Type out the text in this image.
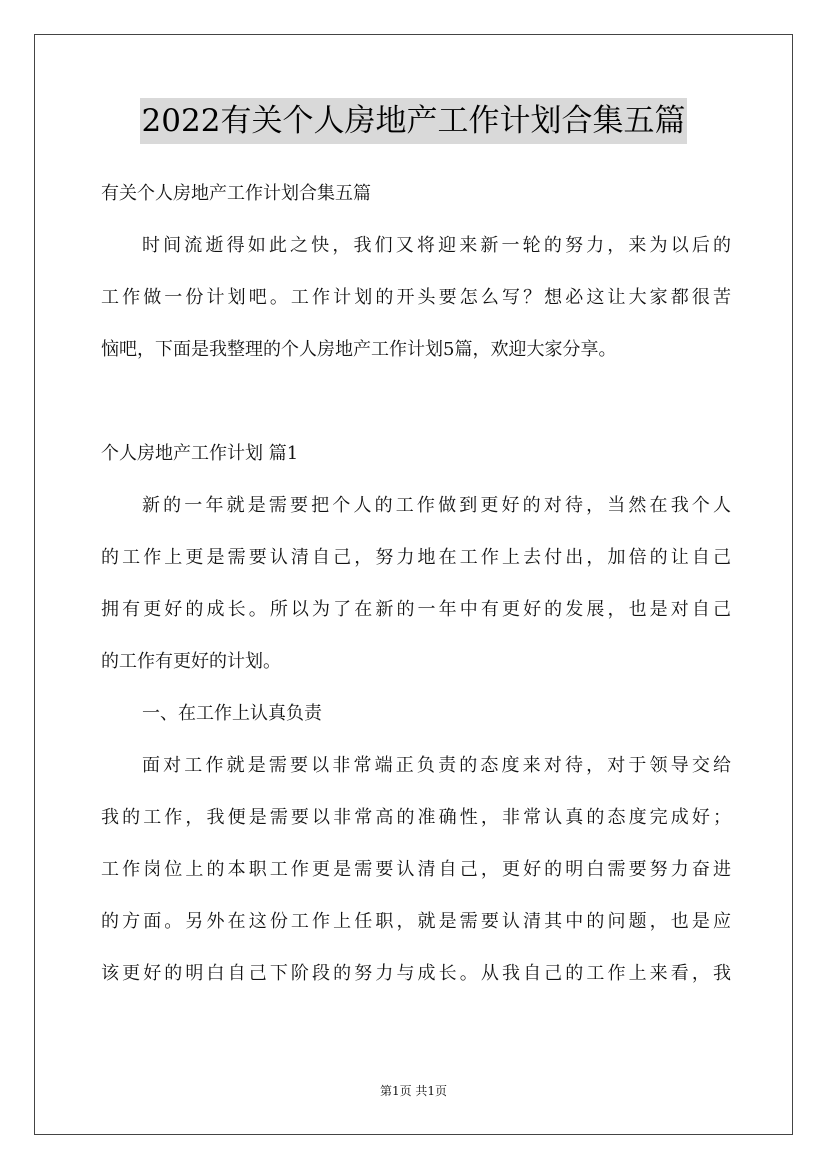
2022有关个人房地产工作计划合集五篇
有关个人房地产工作计划合集五篇
时间流逝得如此之快，我们又将迎来新一轮的努力，来为以后的
工作做一份计划吧。工作计划的开头要怎么写？想必这让大家都很苦
恼吧，下面是我整理的个人房地产工作计划5篇，欢迎大家分享。
个人房地产工作计划 篇1
新的一年就是需要把个人的工作做到更好的对待，当然在我个人
的工作上更是需要认清自己，努力地在工作上去付出，加倍的让自己
拥有更好的成长。所以为了在新的一年中有更好的发展，也是对自己
的工作有更好的计划。
一、在工作上认真负责
面对工作就是需要以非常端正负责的态度来对待，对于领导交给
我的工作，我便是需要以非常高的准确性，非常认真的态度完成好；
工作岗位上的本职工作更是需要认清自己，更好的明白需要努力奋进
的方面。另外在这份工作上任职，就是需要认清其中的问题，也是应
该更好的明白自己下阶段的努力与成长。从我自己的工作上来看，我
第1页 共1页
